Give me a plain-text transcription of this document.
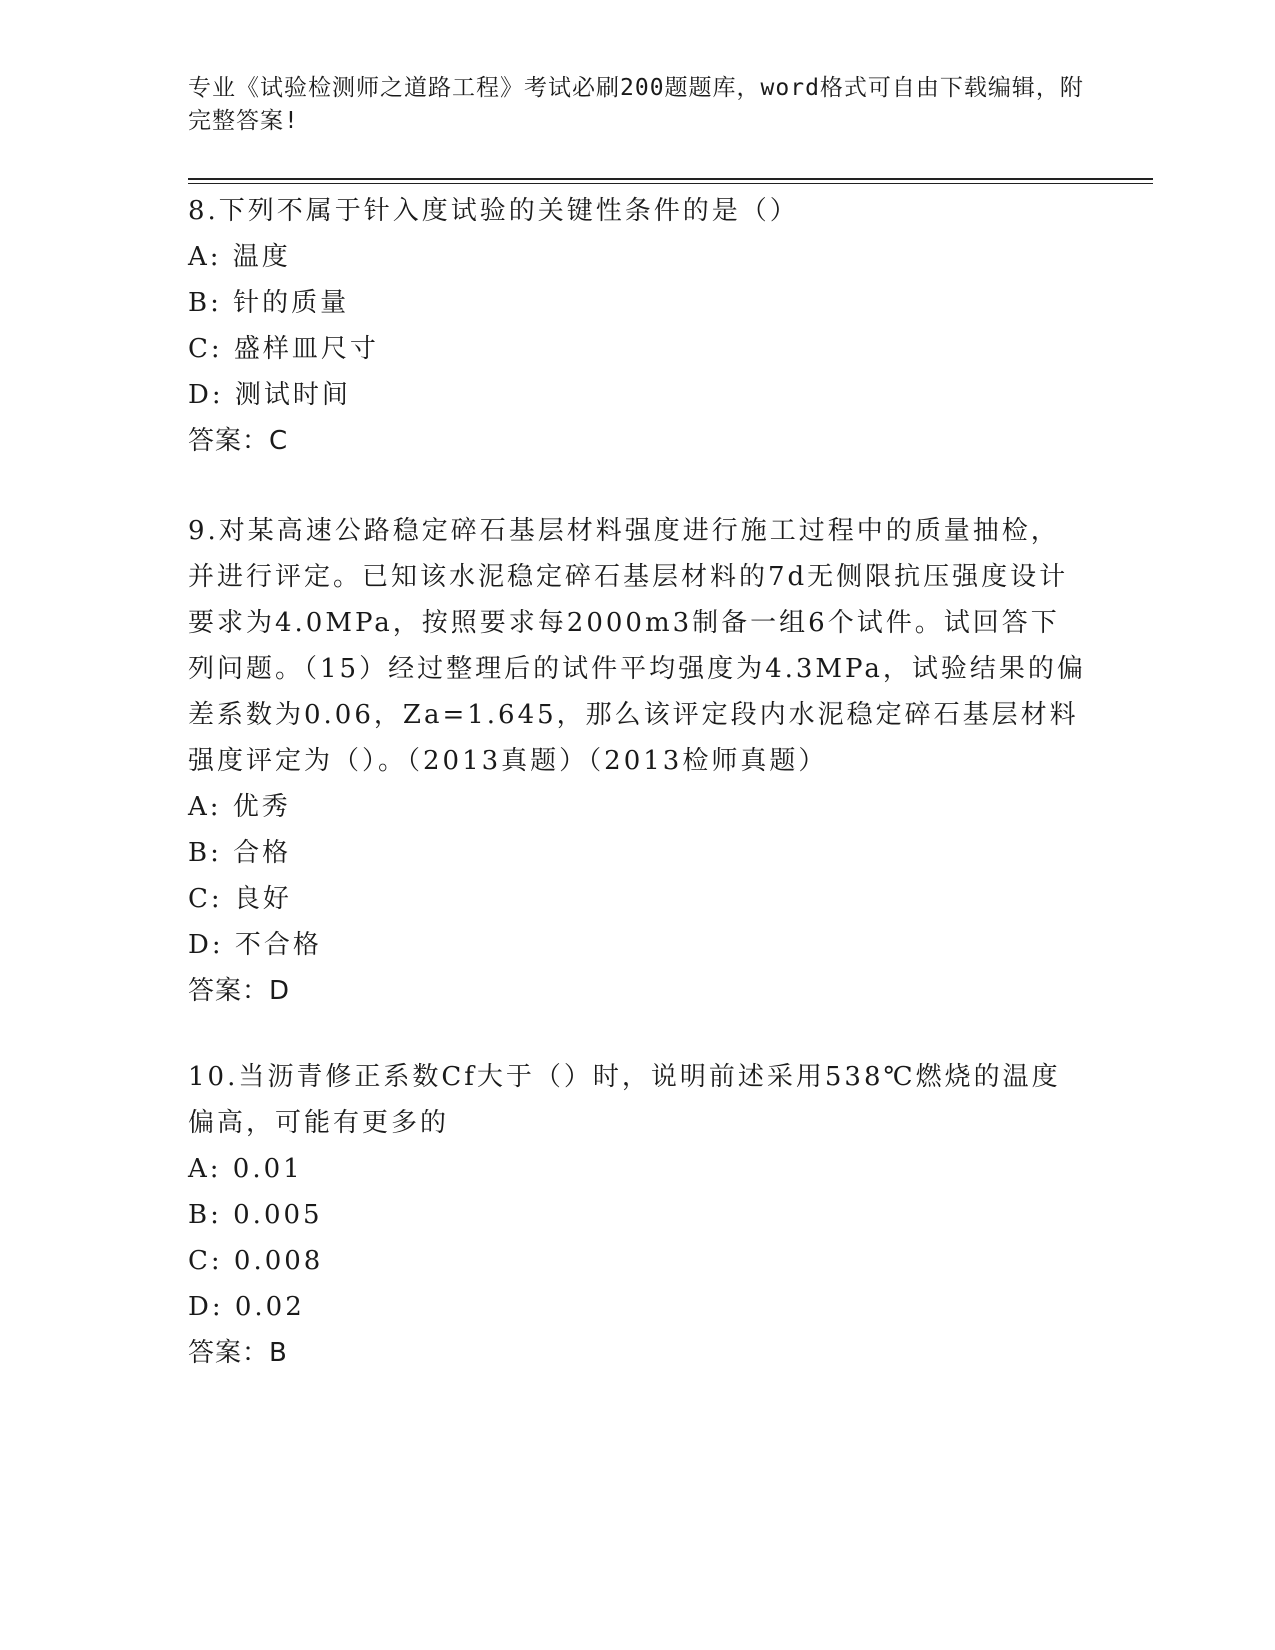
专业《试验检测师之道路工程》考试必刷200题题库，word格式可自由下载编辑，附完整答案!

8.下列不属于针入度试验的关键性条件的是（）

A: 温度

B: 针的质量

C: 盛样皿尺寸

D: 测试时间

答案：C

9.对某高速公路稳定碎石基层材料强度进行施工过程中的质量抽检，并进行评定。已知该水泥稳定碎石基层材料的7d无侧限抗压强度设计要求为4.0MPa，按照要求每2000m3制备一组6个试件。试回答下列问题。（15）经过整理后的试件平均强度为4.3MPa，试验结果的偏差系数为0.06，Za=1.645，那么该评定段内水泥稳定碎石基层材料强度评定为（）。（2013真题）（2013检师真题）

A: 优秀

B: 合格

C: 良好

D: 不合格

答案：D

10.当沥青修正系数Cf大于（）时，说明前述采用538℃燃烧的温度偏高，可能有更多的

A: 0.01

B: 0.005

C: 0.008

D: 0.02

答案：B
